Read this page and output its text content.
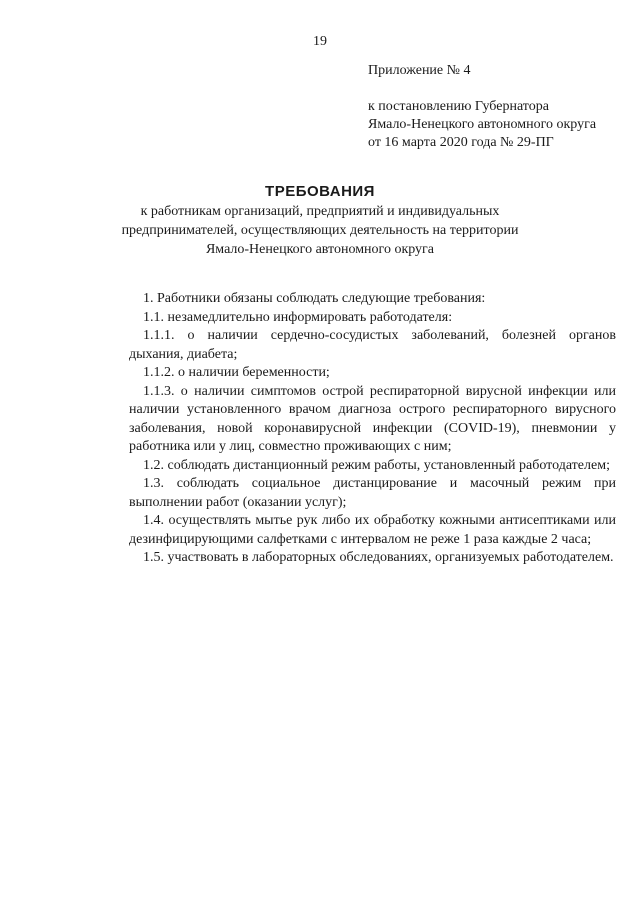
19
Приложение № 4
к постановлению Губернатора
Ямало-Ненецкого автономного округа
от 16 марта 2020 года № 29-ПГ
ТРЕБОВАНИЯ
к работникам организаций, предприятий и индивидуальных
предпринимателей, осуществляющих деятельность на территории
Ямало-Ненецкого автономного округа

1. Работники обязаны соблюдать следующие требования:

1.1. незамедлительно информировать работодателя:

1.1.1. о наличии сердечно-сосудистых заболеваний, болезней органов дыхания, диабета;

1.1.2. о наличии беременности;

1.1.3. о наличии симптомов острой респираторной вирусной инфекции или наличии установленного врачом диагноза острого респираторного вирусного заболевания, новой коронавирусной инфекции (COVID-19), пневмонии у работника или у лиц, совместно проживающих с ним;

1.2. соблюдать дистанционный режим работы, установленный работодателем;

1.3. соблюдать социальное дистанцирование и масочный режим при выполнении работ (оказании услуг);

1.4. осуществлять мытье рук либо их обработку кожными антисептиками или дезинфицирующими салфетками с интервалом не реже 1 раза каждые 2 часа;

1.5. участвовать в лабораторных обследованиях, организуемых работодателем.
